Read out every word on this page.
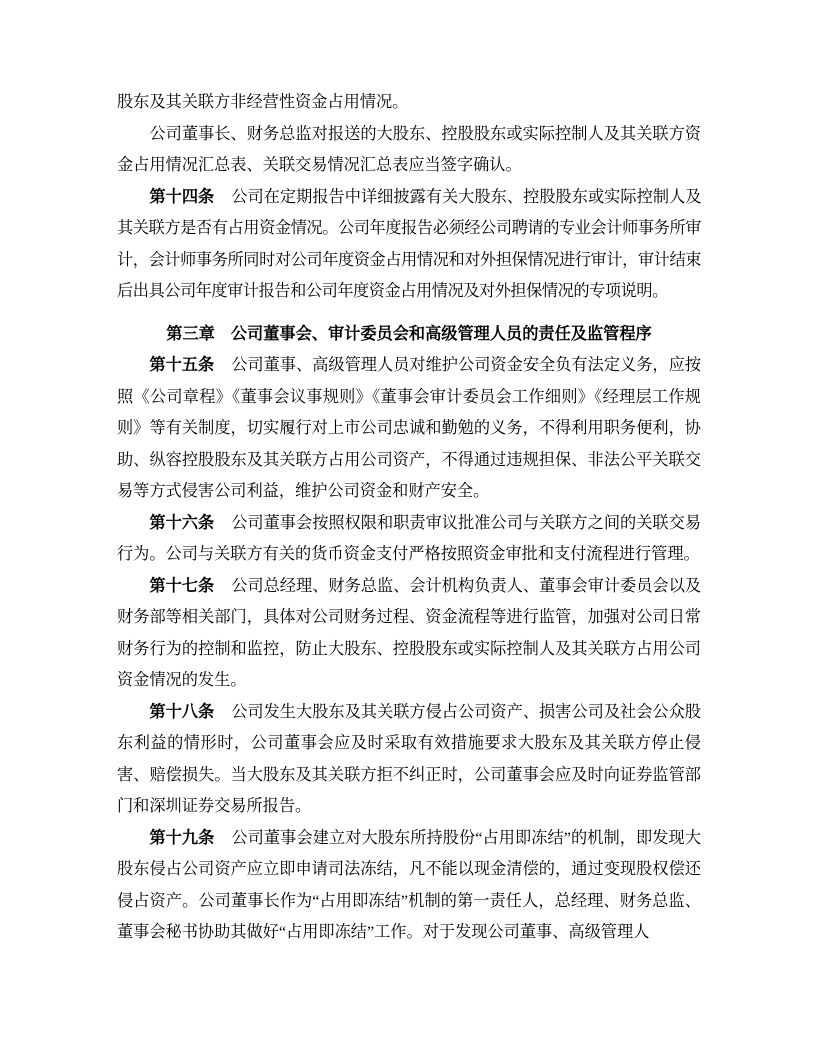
股东及其关联方非经营性资金占用情况。

公司董事长、财务总监对报送的大股东、控股股东或实际控制人及其关联方资金占用情况汇总表、关联交易情况汇总表应当签字确认。

第十四条 公司在定期报告中详细披露有关大股东、控股股东或实际控制人及其关联方是否有占用资金情况。公司年度报告必须经公司聘请的专业会计师事务所审计，会计师事务所同时对公司年度资金占用情况和对外担保情况进行审计，审计结束后出具公司年度审计报告和公司年度资金占用情况及对外担保情况的专项说明。

第三章 公司董事会、审计委员会和高级管理人员的责任及监管程序

第十五条 公司董事、高级管理人员对维护公司资金安全负有法定义务，应按照《公司章程》《董事会议事规则》《董事会审计委员会工作细则》《经理层工作规则》等有关制度，切实履行对上市公司忠诚和勤勉的义务，不得利用职务便利，协助、纵容控股股东及其关联方占用公司资产，不得通过违规担保、非法公平关联交易等方式侵害公司利益，维护公司资金和财产安全。

第十六条 公司董事会按照权限和职责审议批准公司与关联方之间的关联交易行为。公司与关联方有关的货币资金支付严格按照资金审批和支付流程进行管理。

第十七条 公司总经理、财务总监、会计机构负责人、董事会审计委员会以及财务部等相关部门，具体对公司财务过程、资金流程等进行监管，加强对公司日常财务行为的控制和监控，防止大股东、控股股东或实际控制人及其关联方占用公司资金情况的发生。

第十八条 公司发生大股东及其关联方侵占公司资产、损害公司及社会公众股东利益的情形时，公司董事会应及时采取有效措施要求大股东及其关联方停止侵害、赔偿损失。当大股东及其关联方拒不纠正时，公司董事会应及时向证券监管部门和深圳证券交易所报告。

第十九条 公司董事会建立对大股东所持股份“占用即冻结”的机制，即发现大股东侵占公司资产应立即申请司法冻结，凡不能以现金清偿的，通过变现股权偿还侵占资产。公司董事长作为“占用即冻结”机制的第一责任人，总经理、财务总监、董事会秘书协助其做好“占用即冻结”工作。对于发现公司董事、高级管理人
